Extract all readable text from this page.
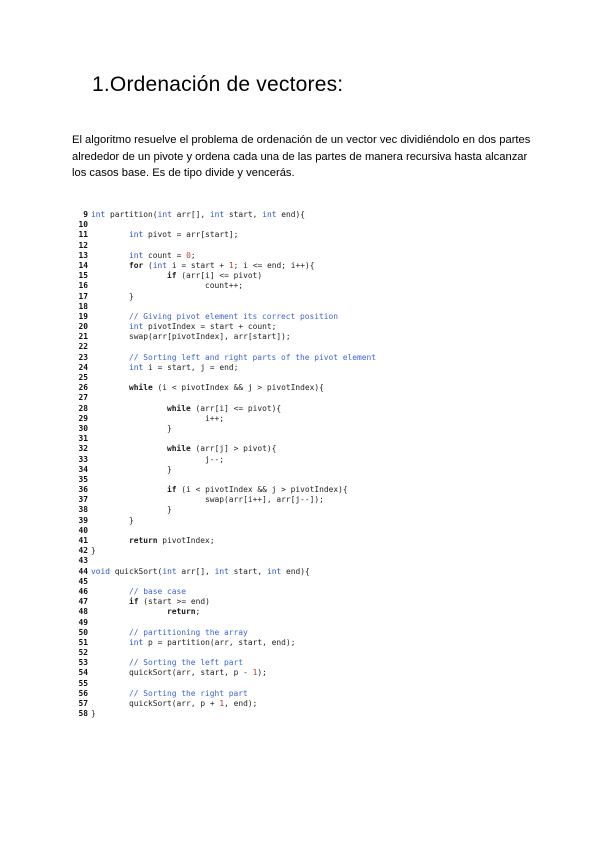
1.Ordenación de vectores:

El algoritmo resuelve el problema de ordenación de un vector vec dividiéndolo en dos partes alrededor de un pivote y ordena cada una de las partes de manera recursiva hasta alcanzar los casos base. Es de tipo divide y vencerás.

9 int partition(int arr[], int start, int end){
10
11	int pivot = arr[start];
12
13	int count = 0;
14	for (int i = start + 1; i <= end; i++){
15	if (arr[i] <= pivot)
16	count++;
17        }
18
19	// Giving pivot element its correct position
20	int pivotIndex = start + count;
21	swap(arr[pivotIndex], arr[start]);
22
23	// Sorting left and right parts of the pivot element
24	int i = start, j = end;
25
26	while (i < pivotIndex && j > pivotIndex){
27
28	while (arr[i] <= pivot){
29	i++;
30                }
31
32	while (arr[j] > pivot){
33	j--;
34                }
35
36	if (i < pivotIndex && j > pivotIndex){
37	swap(arr[i++], arr[j--]);
38                }
39        }
40
41	return pivotIndex;
42 }
43
44 void quickSort(int arr[], int start, int end){
45
46	// base case
47	if (start >= end)
48	return;
49
50	// partitioning the array
51	int p = partition(arr, start, end);
52
53	// Sorting the left part
54	quickSort(arr, start, p - 1);
55
56	// Sorting the right part
57	quickSort(arr, p + 1, end);
58 }
